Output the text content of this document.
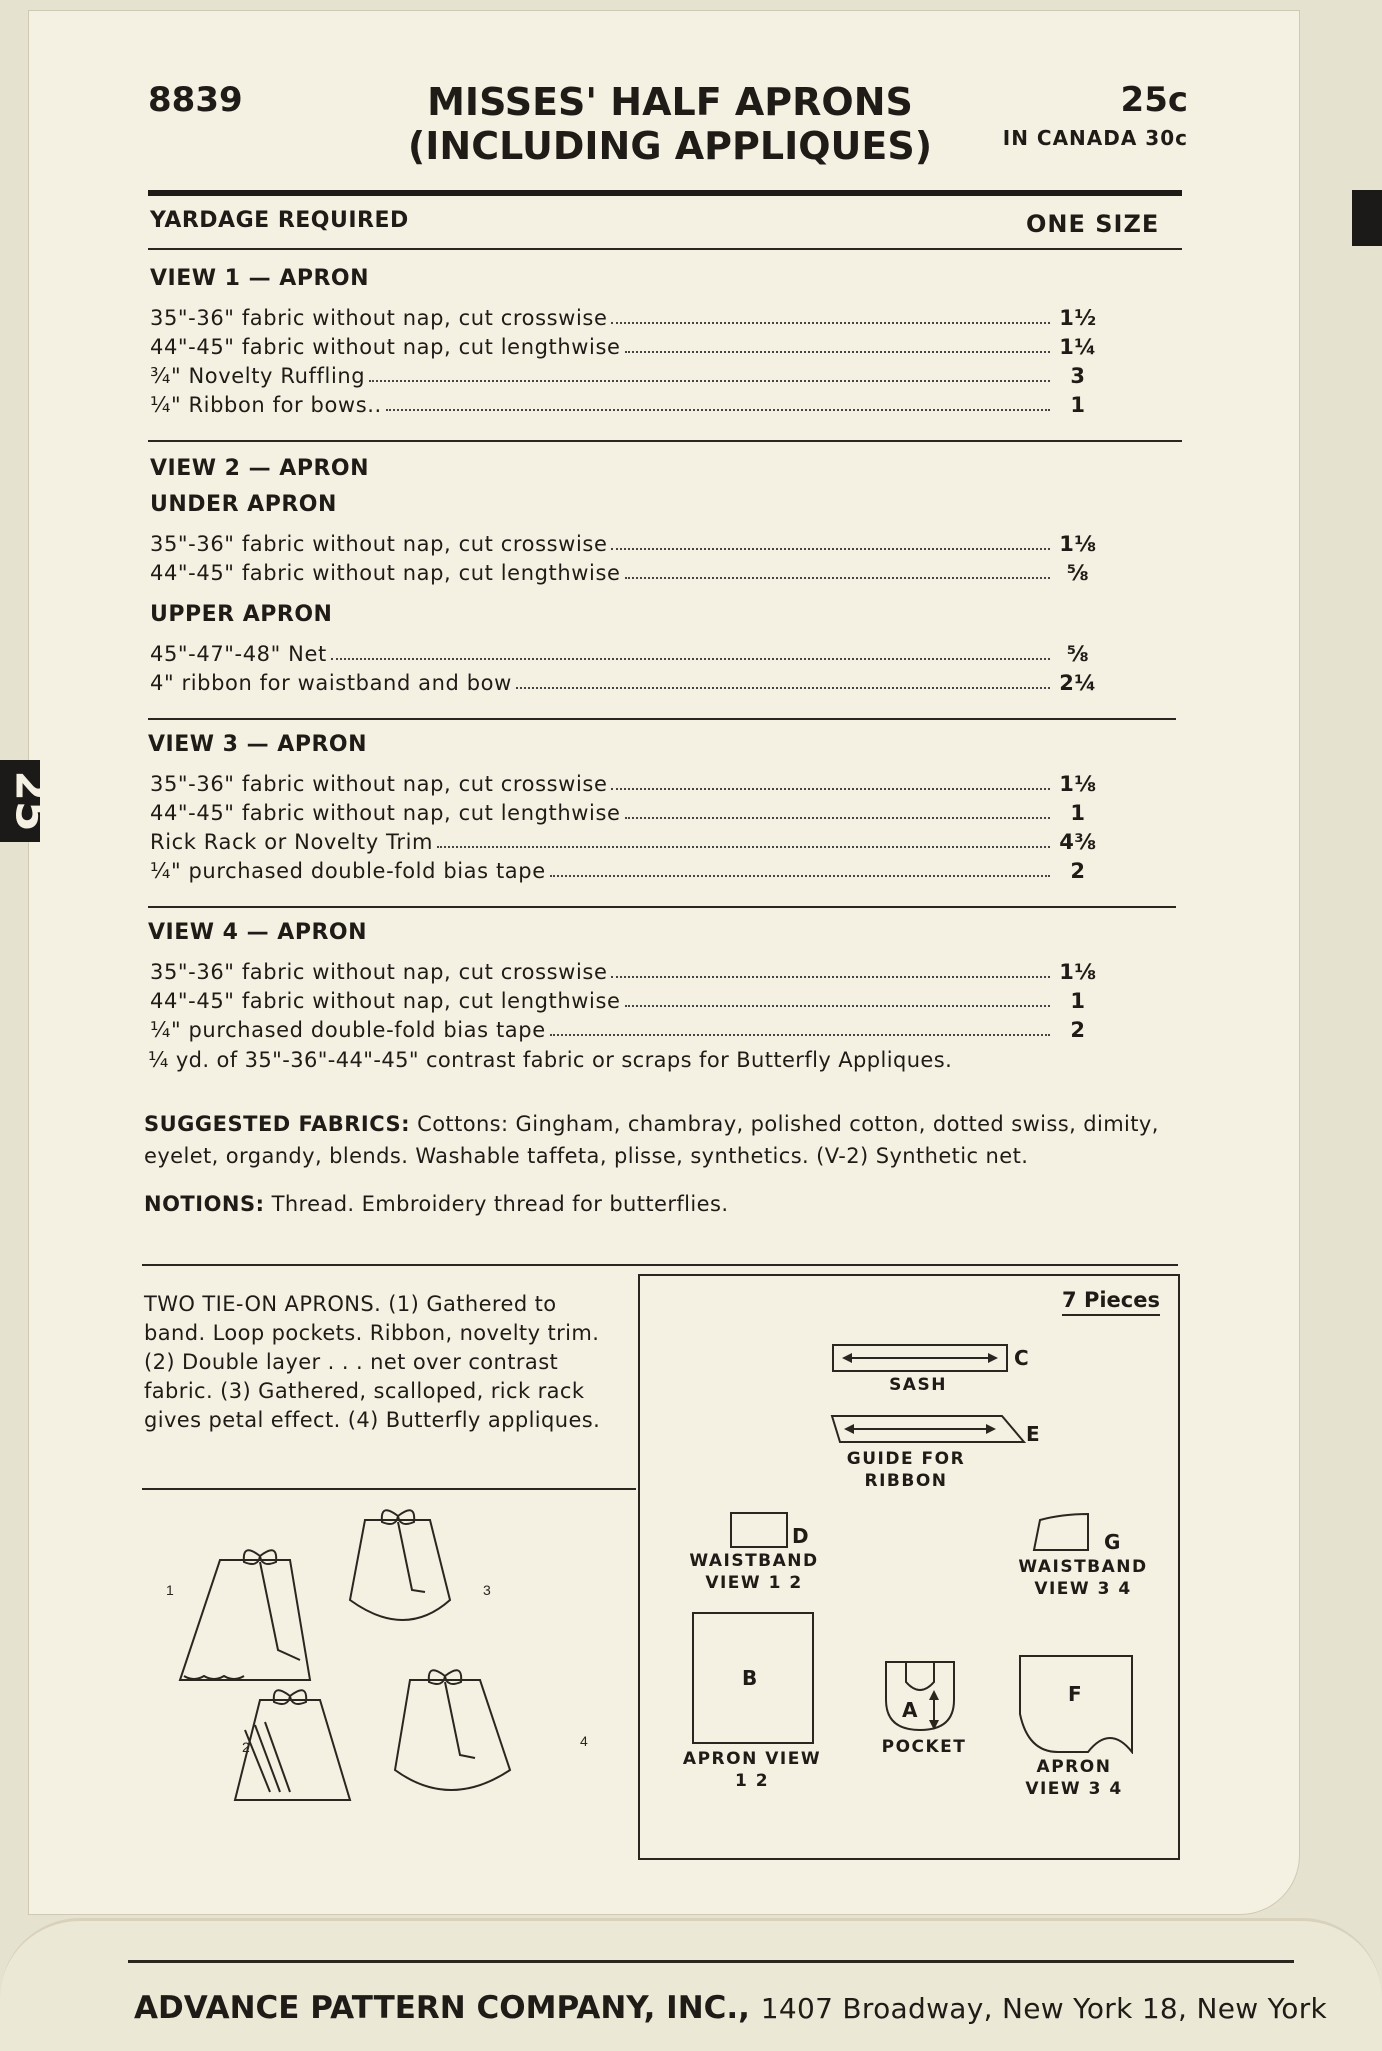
25
8839	MISSES' HALF APRONS
(INCLUDING APPLIQUES)
25c
IN CANADA 30c
YARDAGE REQUIRED	ONE SIZE
VIEW 1 — APRON
35"-36" fabric without nap, cut crosswise	1½
44"-45" fabric without nap, cut lengthwise	1¼
¾" Novelty Ruffling	3
¼" Ribbon for bows..	1
VIEW 2 — APRON
UNDER APRON
35"-36" fabric without nap, cut crosswise	1⅛
44"-45" fabric without nap, cut lengthwise	⅝
UPPER APRON
45"-47"-48" Net	⅝
4" ribbon for waistband and bow	2¼
VIEW 3 — APRON
35"-36" fabric without nap, cut crosswise	1⅛
44"-45" fabric without nap, cut lengthwise	1
Rick Rack or Novelty Trim	4⅜
¼" purchased double-fold bias tape	2
VIEW 4 — APRON
35"-36" fabric without nap, cut crosswise	1⅛
44"-45" fabric without nap, cut lengthwise	1
¼" purchased double-fold bias tape	2
¼ yd. of 35"-36"-44"-45" contrast fabric or scraps for Butterfly Appliques.
SUGGESTED FABRICS: Cottons: Gingham, chambray, polished cotton, dotted swiss, dimity, eyelet, organdy, blends. Washable taffeta, plisse, synthetics. (V-2) Synthetic net.
NOTIONS: Thread. Embroidery thread for butterflies.
TWO TIE-ON APRONS. (1) Gathered to band. Loop pockets. Ribbon, novelty trim. (2) Double layer . . . net over contrast fabric. (3) Gathered, scalloped, rick rack gives petal effect. (4) Butterfly appliques.
1
2
3
4
7 Pieces
C
SASH
E
GUIDE FOR RIBBON
D
WAISTBAND VIEW 1 2
G
WAISTBAND VIEW 3 4
B
APRON VIEW 1 2
A
POCKET
F
APRON VIEW 3 4
ADVANCE PATTERN COMPANY, INC., 1407 Broadway, New York 18, New York
